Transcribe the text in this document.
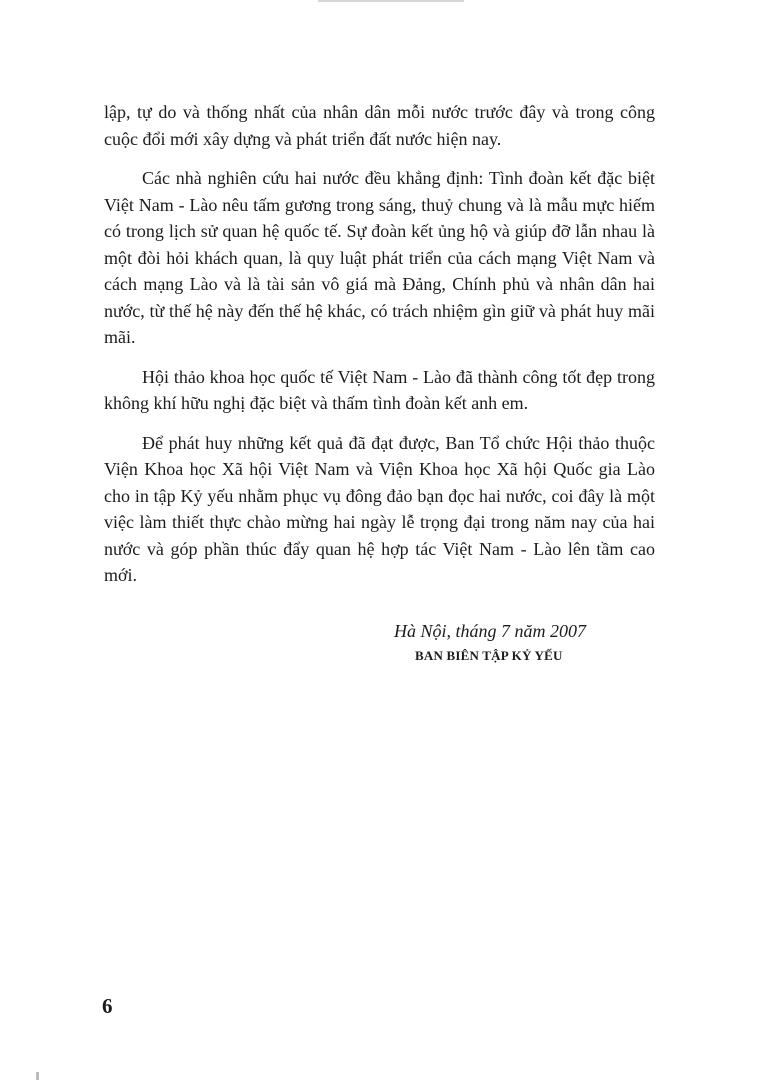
lập, tự do và thống nhất của nhân dân mỗi nước trước đây và trong công cuộc đổi mới xây dựng và phát triển đất nước hiện nay.

Các nhà nghiên cứu hai nước đều khẳng định: Tình đoàn kết đặc biệt Việt Nam - Lào nêu tấm gương trong sáng, thuỷ chung và là mẫu mực hiếm có trong lịch sử quan hệ quốc tế. Sự đoàn kết ủng hộ và giúp đỡ lẫn nhau là một đòi hỏi khách quan, là quy luật phát triển của cách mạng Việt Nam và cách mạng Lào và là tài sản vô giá mà Đảng, Chính phủ và nhân dân hai nước, từ thế hệ này đến thế hệ khác, có trách nhiệm gìn giữ và phát huy mãi mãi.

Hội thảo khoa học quốc tế Việt Nam - Lào đã thành công tốt đẹp trong không khí hữu nghị đặc biệt và thấm tình đoàn kết anh em.

Để phát huy những kết quả đã đạt được, Ban Tổ chức Hội thảo thuộc Viện Khoa học Xã hội Việt Nam và Viện Khoa học Xã hội Quốc gia Lào cho in tập Kỷ yếu nhằm phục vụ đông đảo bạn đọc hai nước, coi đây là một việc làm thiết thực chào mừng hai ngày lễ trọng đại trong năm nay của hai nước và góp phần thúc đẩy quan hệ hợp tác Việt Nam - Lào lên tầm cao mới.

Hà Nội, tháng 7 năm 2007
BAN BIÊN TẬP KỶ YẾU
6
